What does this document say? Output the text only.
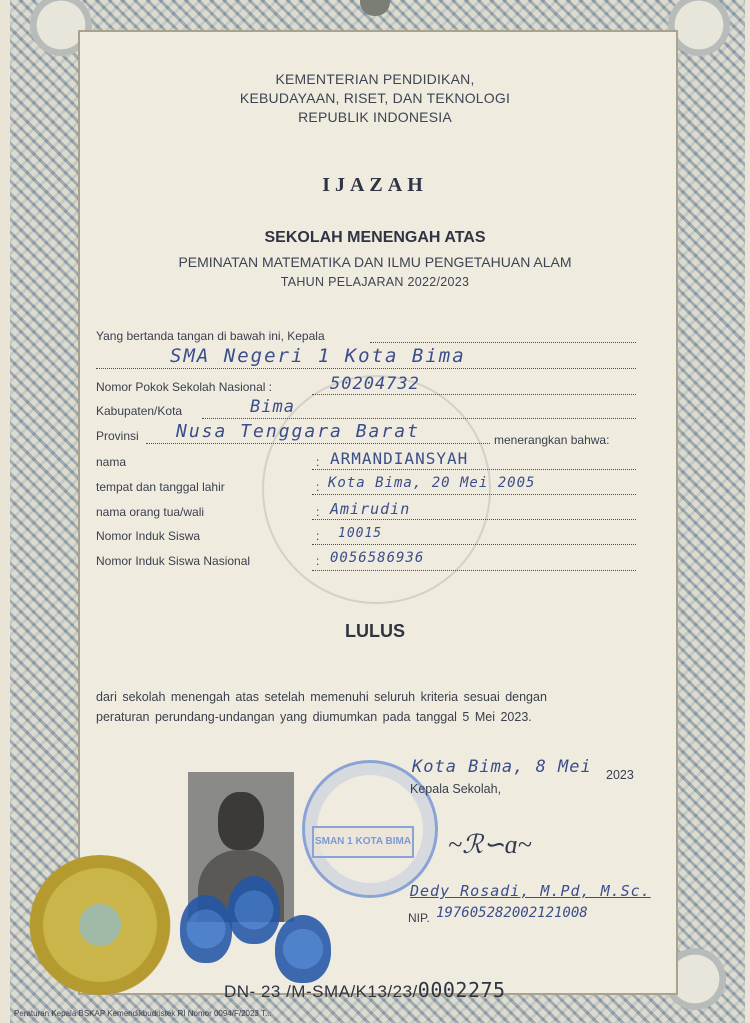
KEMENTERIAN PENDIDIKAN,
KEBUDAYAAN, RISET, DAN TEKNOLOGI
REPUBLIK INDONESIA
IJAZAH
SEKOLAH MENENGAH ATAS
PEMINATAN MATEMATIKA DAN ILMU PENGETAHUAN ALAM
TAHUN PELAJARAN 2022/2023
Yang bertanda tangan di bawah ini, Kepala
SMA Negeri 1 Kota Bima
Nomor Pokok Sekolah Nasional :	50204732
Kabupaten/Kota	Bima
Provinsi Nusa Tenggara Barat	menerangkan bahwa:
nama	: ARMANDIANSYAH
tempat dan tanggal lahir	: Kota Bima, 20 Mei 2005
nama orang tua/wali	: Amirudin
Nomor Induk Siswa	: 10015
Nomor Induk Siswa Nasional	: 0056586936
LULUS
dari sekolah menengah atas setelah memenuhi seluruh kriteria sesuai dengan
peraturan perundang-undangan yang diumumkan pada tanggal 5 Mei 2023.
SMAN 1 KOTA BIMA
Kota Bima, 8 Mei 2023
Kepala Sekolah,
~ℛ∽ɑ~
Dedy Rosadi, M.Pd, M.Sc.
NIP. 197605282002121008
DN- 23 /M-SMA/K13/23/0002275
Peraturan Kepala BSKAP Kemendikbudristek RI Nomor 0094/F/2023 T...
